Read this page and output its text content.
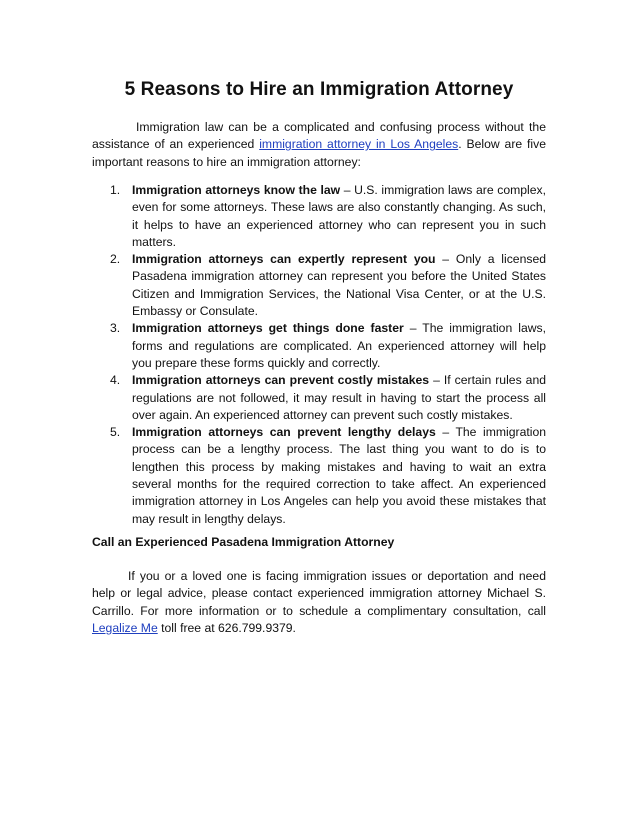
5 Reasons to Hire an Immigration Attorney

Immigration law can be a complicated and confusing process without the assistance of an experienced immigration attorney in Los Angeles. Below are five important reasons to hire an immigration attorney:

1. Immigration attorneys know the law – U.S. immigration laws are complex, even for some attorneys. These laws are also constantly changing. As such, it helps to have an experienced attorney who can represent you in such matters.
2. Immigration attorneys can expertly represent you – Only a licensed Pasadena immigration attorney can represent you before the United States Citizen and Immigration Services, the National Visa Center, or at the U.S. Embassy or Consulate.
3. Immigration attorneys get things done faster – The immigration laws, forms and regulations are complicated. An experienced attorney will help you prepare these forms quickly and correctly.
4. Immigration attorneys can prevent costly mistakes – If certain rules and regulations are not followed, it may result in having to start the process all over again. An experienced attorney can prevent such costly mistakes.
5. Immigration attorneys can prevent lengthy delays – The immigration process can be a lengthy process. The last thing you want to do is to lengthen this process by making mistakes and having to wait an extra several months for the required correction to take affect. An experienced immigration attorney in Los Angeles can help you avoid these mistakes that may result in lengthy delays.
Call an Experienced Pasadena Immigration Attorney

If you or a loved one is facing immigration issues or deportation and need help or legal advice, please contact experienced immigration attorney Michael S. Carrillo. For more information or to schedule a complimentary consultation, call Legalize Me toll free at 626.799.9379.
